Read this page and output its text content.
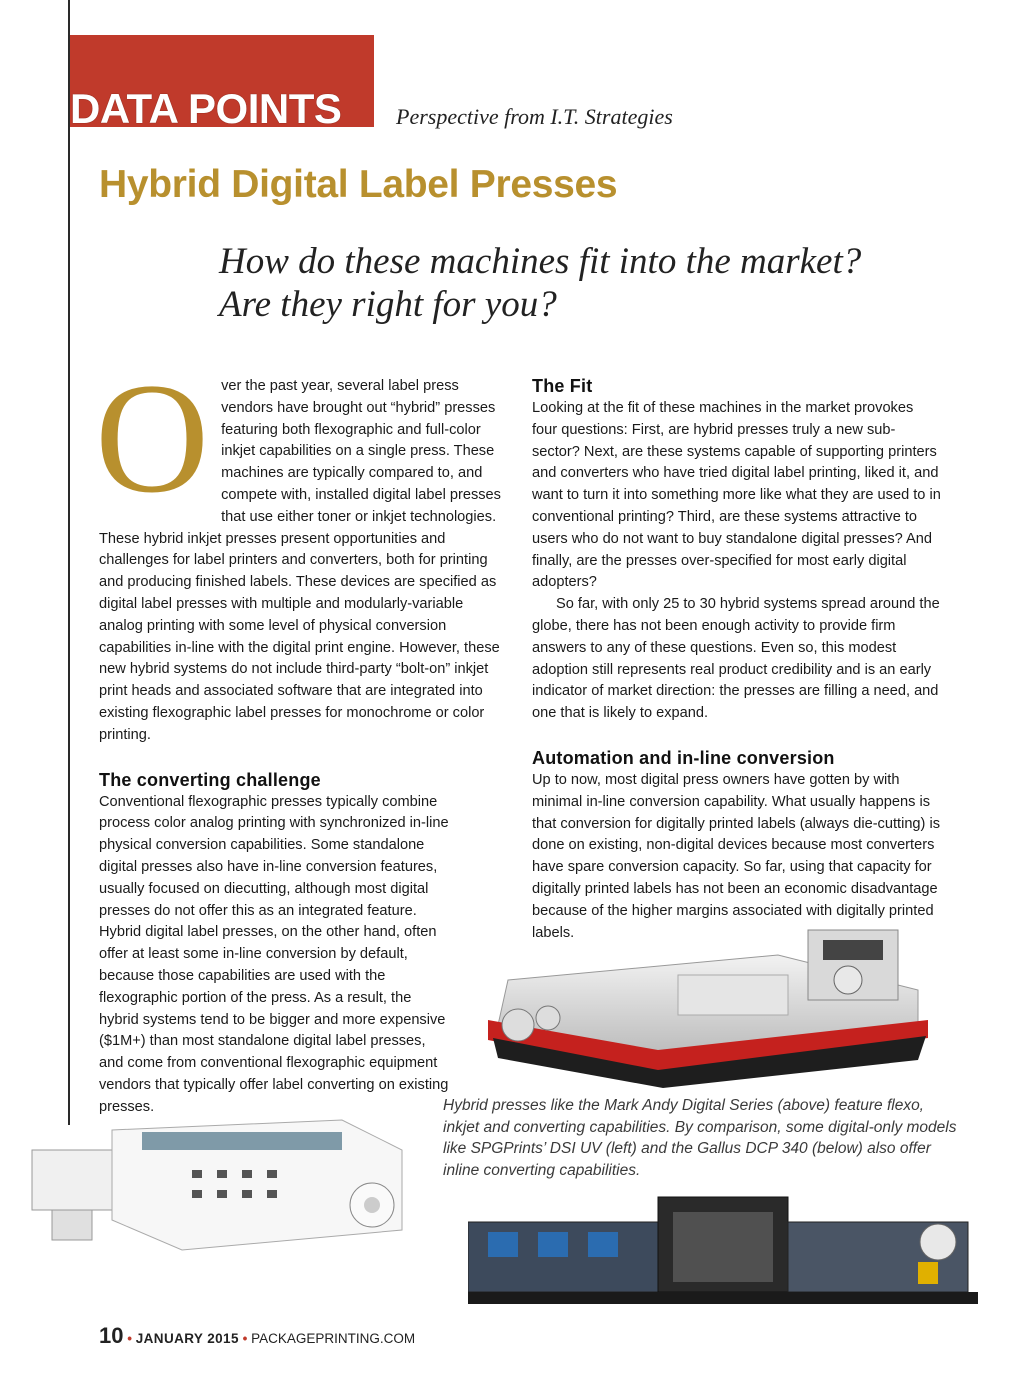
DATA POINTS Perspective from I.T. Strategies
Hybrid Digital Label Presses
How do these machines fit into the market? Are they right for you?
O ver the past year, several label press vendors have brought out “hybrid” presses featuring both flexographic and full-color inkjet capabilities on a single press. These machines are typically compared to, and compete with, installed digital label presses that use either toner or inkjet technologies. These hybrid inkjet presses present opportunities and challenges for label printers and converters, both for printing and producing finished labels. These devices are specified as digital label presses with multiple and modularly-variable analog printing with some level of physical conversion capabilities in-line with the digital print engine. However, these new hybrid systems do not include third-party “bolt-on” inkjet print heads and associated software that are integrated into existing flexographic label presses for monochrome or color printing.

The converting challenge

Conventional flexographic presses typically combine process color analog printing with synchronized in-line physical conversion capabilities. Some standalone digital presses also have in-line conversion features, usually focused on diecutting, although most digital presses do not offer this as an integrated feature. Hybrid digital label presses, on the other hand, often offer at least some in-line conversion by default, because those capabilities are used with the flexographic portion of the press. As a result, the hybrid systems tend to be bigger and more expensive ($1M+) than most standalone digital label presses, and come from conventional flexographic equipment vendors that typically offer label converting on existing presses.

The Fit

Looking at the fit of these machines in the market provokes four questions: First, are hybrid presses truly a new sub-sector? Next, are these systems capable of supporting printers and converters who have tried digital label printing, liked it, and want to turn it into something more like what they are used to in conventional printing? Third, are these systems attractive to users who do not want to buy standalone digital presses? And finally, are the presses over-specified for most early digital adopters?

So far, with only 25 to 30 hybrid systems spread around the globe, there has not been enough activity to provide firm answers to any of these questions. Even so, this modest adoption still represents real product credibility and is an early indicator of market direction: the presses are filling a need, and one that is likely to expand.

Automation and in-line conversion

Up to now, most digital press owners have gotten by with minimal in-line conversion capability. What usually happens is that conversion for digitally printed labels (always die-cutting) is done on existing, non-digital devices because most converters have spare conversion capacity. So far, using that capacity for digitally printed labels has not been an economic disadvantage because of the higher margins associated with digitally printed labels.

Hybrid presses like the Mark Andy Digital Series (above) feature flexo, inkjet and converting capabilities. By comparison, some digital-only models like SPGPrints’ DSI UV (left) and the Gallus DCP 340 (below) also offer inline converting capabilities.
10 • JANUARY 2015 • PACKAGEPRINTING.COM
